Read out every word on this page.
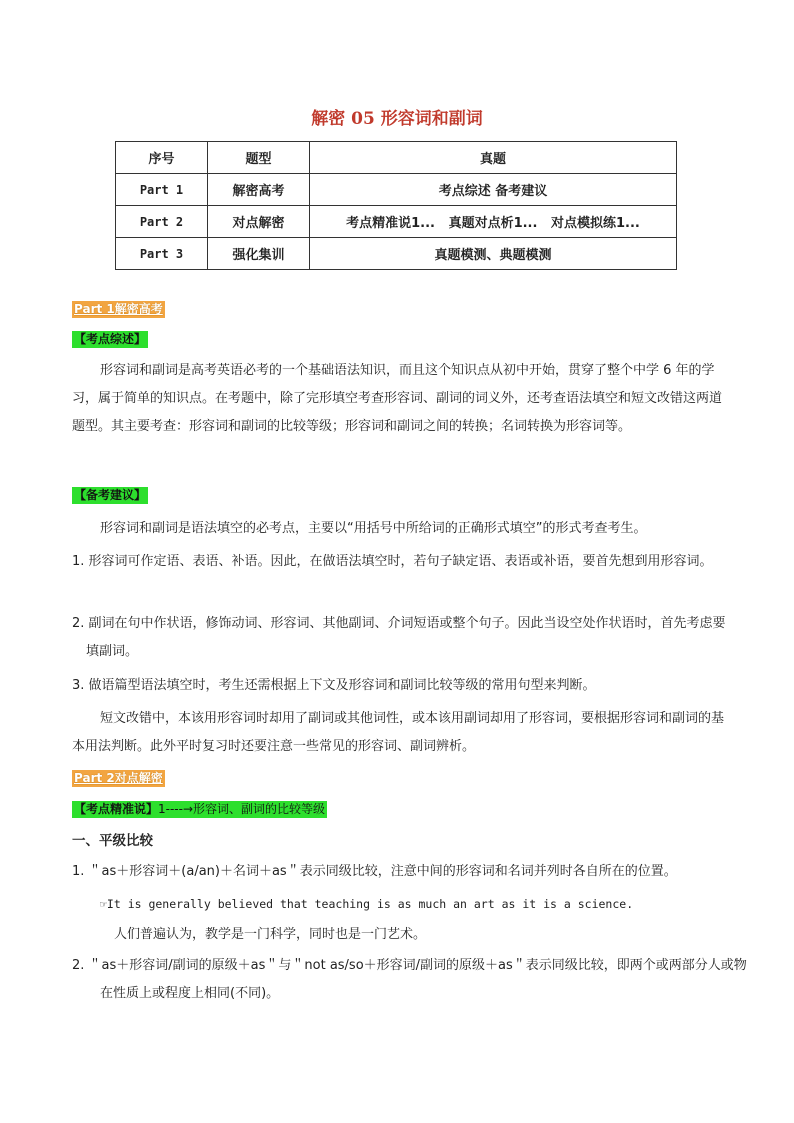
解密 05 形容词和副词
序号	题型	真题
Part 1	解密高考	考点综述 备考建议
Part 2	对点解密	考点精准说1...   真题对点析1...   对点模拟练1...
Part 3	强化集训	真题模测、典题模测
Part 1解密高考
【考点综述】
形容词和副词是高考英语必考的一个基础语法知识，而且这个知识点从初中开始，贯穿了整个中学 6 年的学习，属于简单的知识点。在考题中，除了完形填空考查形容词、副词的词义外，还考查语法填空和短文改错这两道题型。其主要考查：形容词和副词的比较等级；形容词和副词之间的转换；名词转换为形容词等。
【备考建议】
形容词和副词是语法填空的必考点，主要以“用括号中所给词的正确形式填空”的形式考查考生。
1. 形容词可作定语、表语、补语。因此，在做语法填空时，若句子缺定语、表语或补语，要首先想到用形容词。
2. 副词在句中作状语，修饰动词、形容词、其他副词、介词短语或整个句子。因此当设空处作状语时，首先考虑要填副词。
3. 做语篇型语法填空时，考生还需根据上下文及形容词和副词比较等级的常用句型来判断。
短文改错中，本该用形容词时却用了副词或其他词性，或本该用副词却用了形容词，要根据形容词和副词的基本用法判断。此外平时复习时还要注意一些常见的形容词、副词辨析。
Part 2对点解密
【考点精准说】1----→形容词、副词的比较等级
一、平级比较
1. ＂as＋形容词＋(a/an)＋名词＋as＂表示同级比较，注意中间的形容词和名词并列时各自所在的位置。
☞It is generally believed that teaching is as much an art as it is a science.
人们普遍认为，教学是一门科学，同时也是一门艺术。
2. ＂as＋形容词/副词的原级＋as＂与＂not as/so＋形容词/副词的原级＋as＂表示同级比较，即两个或两部分人或物在性质上或程度上相同(不同)。
